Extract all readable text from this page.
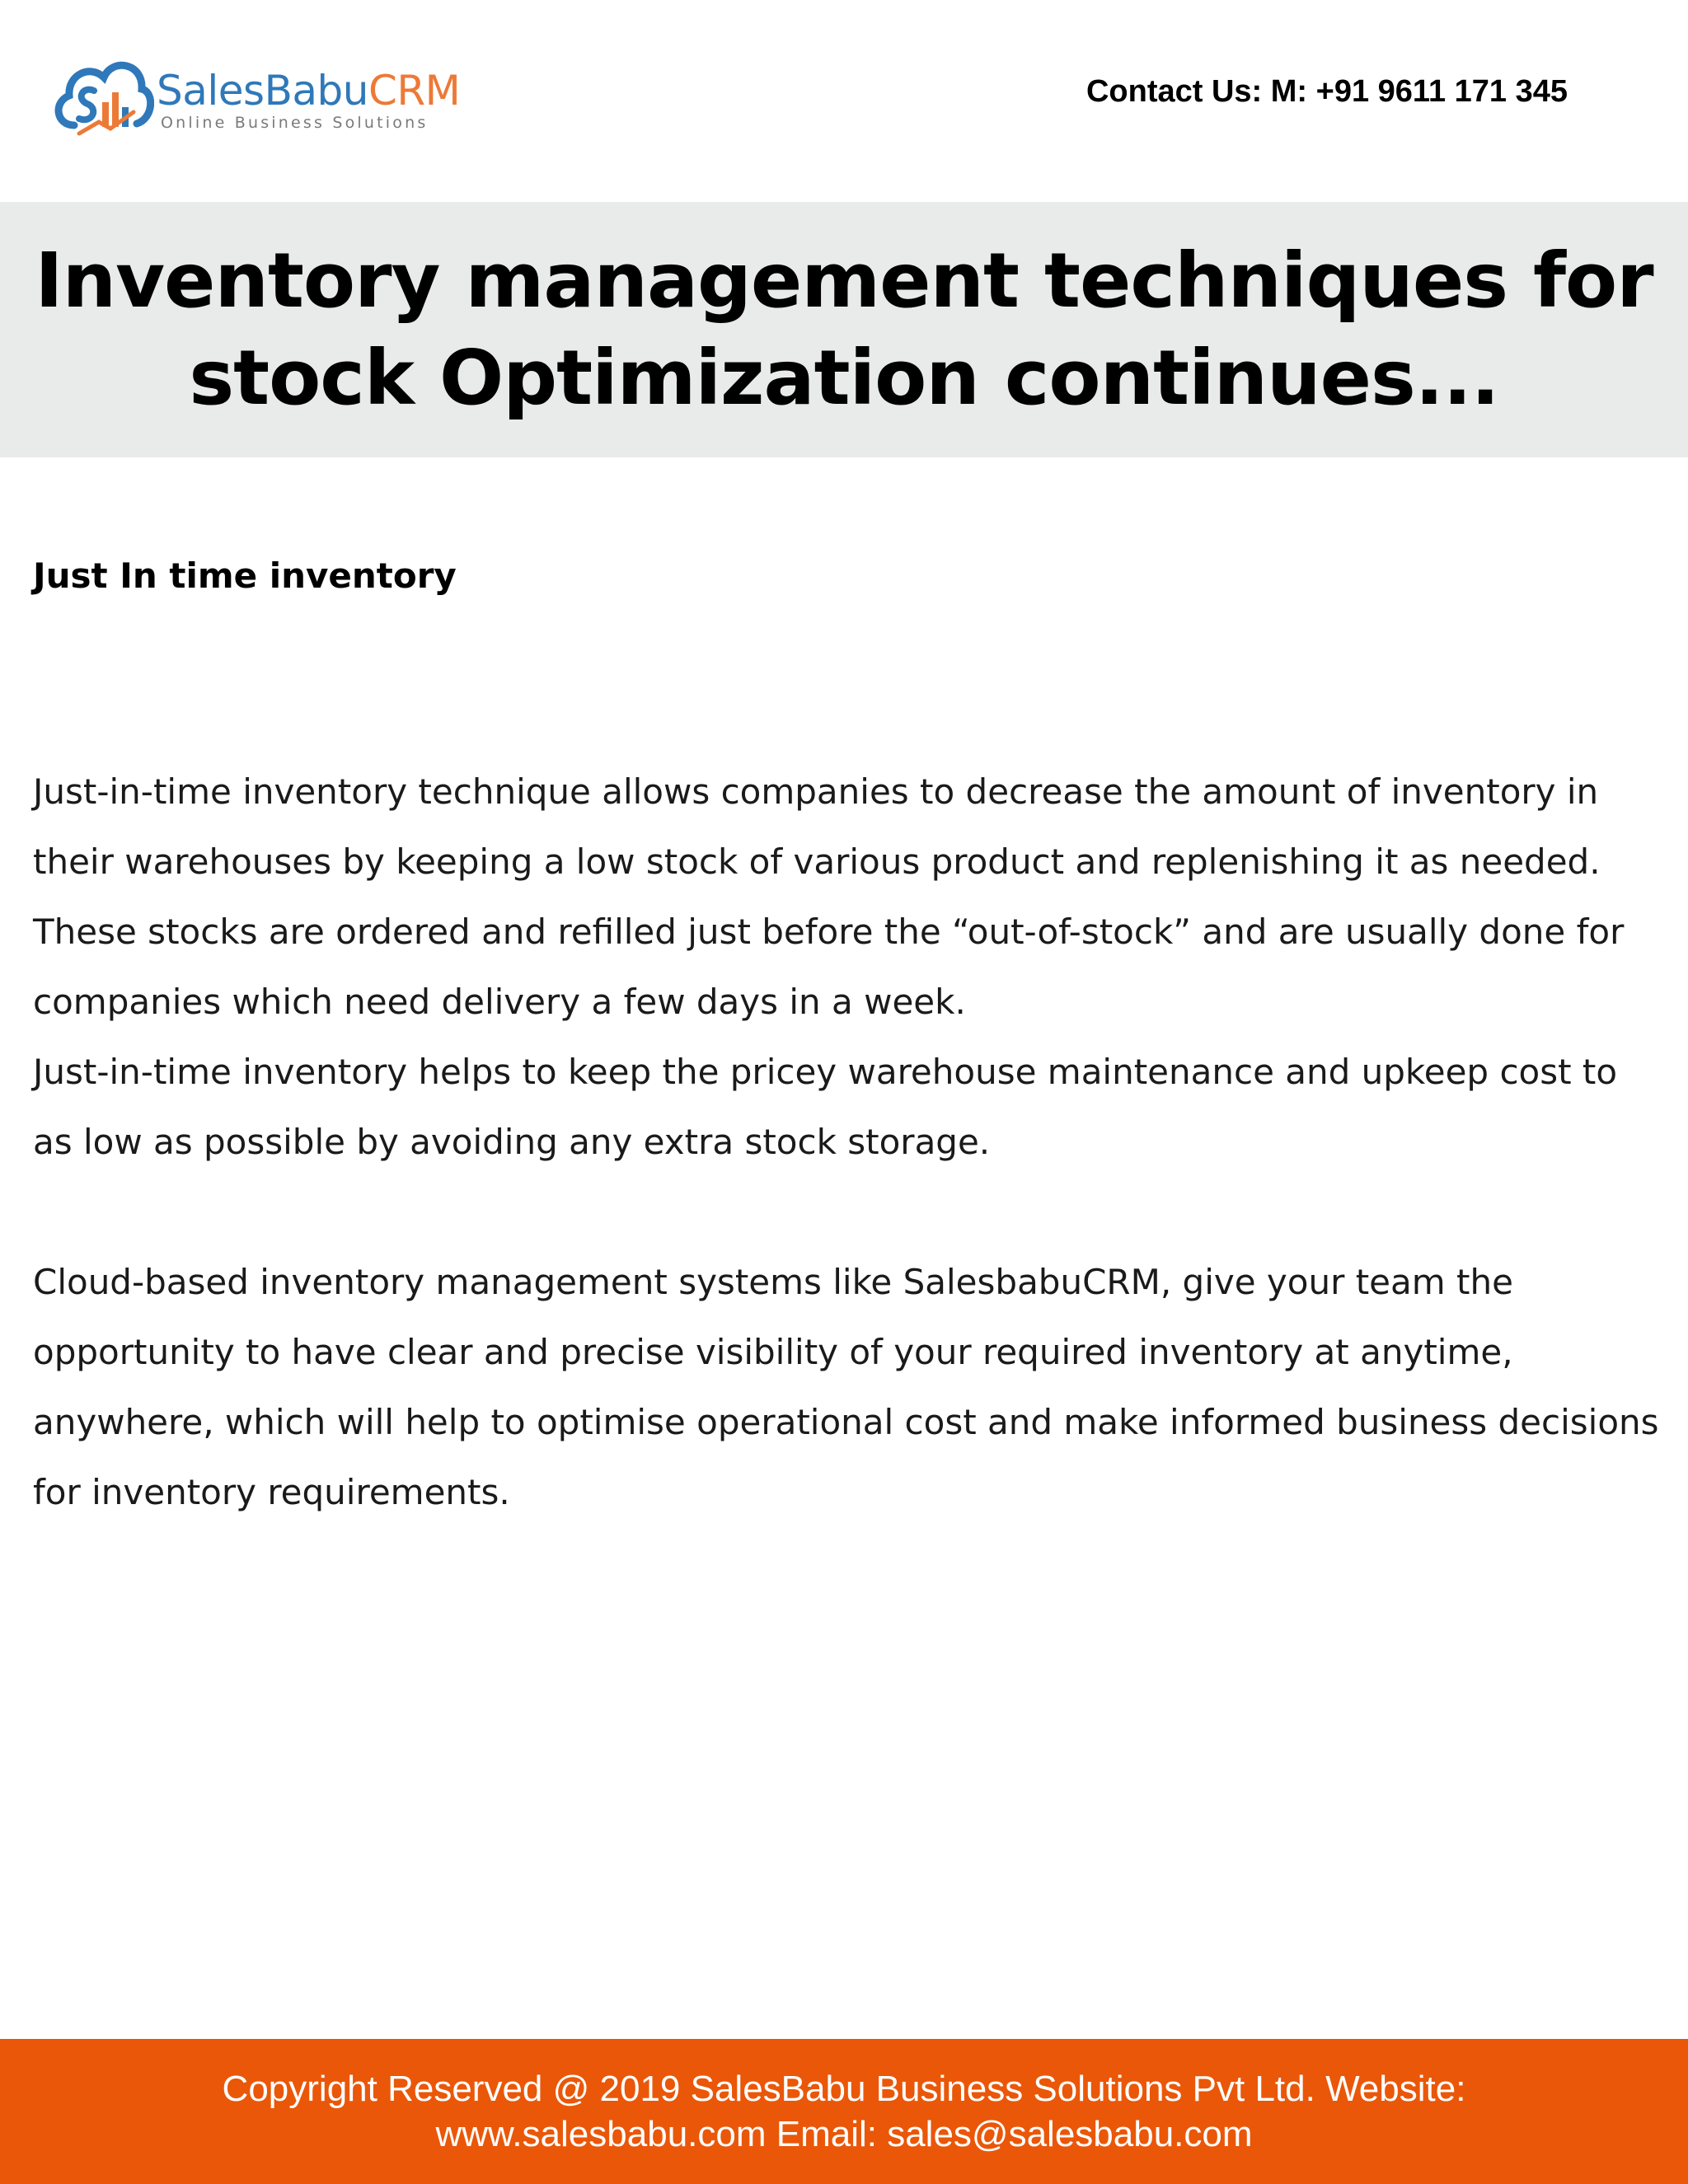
SalesBabuCRM
Online Business Solutions
Contact Us: M: +91 9611 171 345
Inventory management techniques for
stock Optimization continues...
Just In time inventory

Just-in-time inventory technique allows companies to decrease the amount of inventory in their warehouses by keeping a low stock of various product and replenishing it as needed. These stocks are ordered and refilled just before the “out-of-stock” and are usually done for companies which need delivery a few days in a week.

Just-in-time inventory helps to keep the pricey warehouse maintenance and upkeep cost to as low as possible by avoiding any extra stock storage.

Cloud-based inventory management systems like SalesbabuCRM, give your team the opportunity to have clear and precise visibility of your required inventory at anytime, anywhere, which will help to optimise operational cost and make informed business decisions for inventory requirements.

Copyright Reserved @ 2019 SalesBabu Business Solutions Pvt Ltd. Website:
www.salesbabu.com Email: sales@salesbabu.com
